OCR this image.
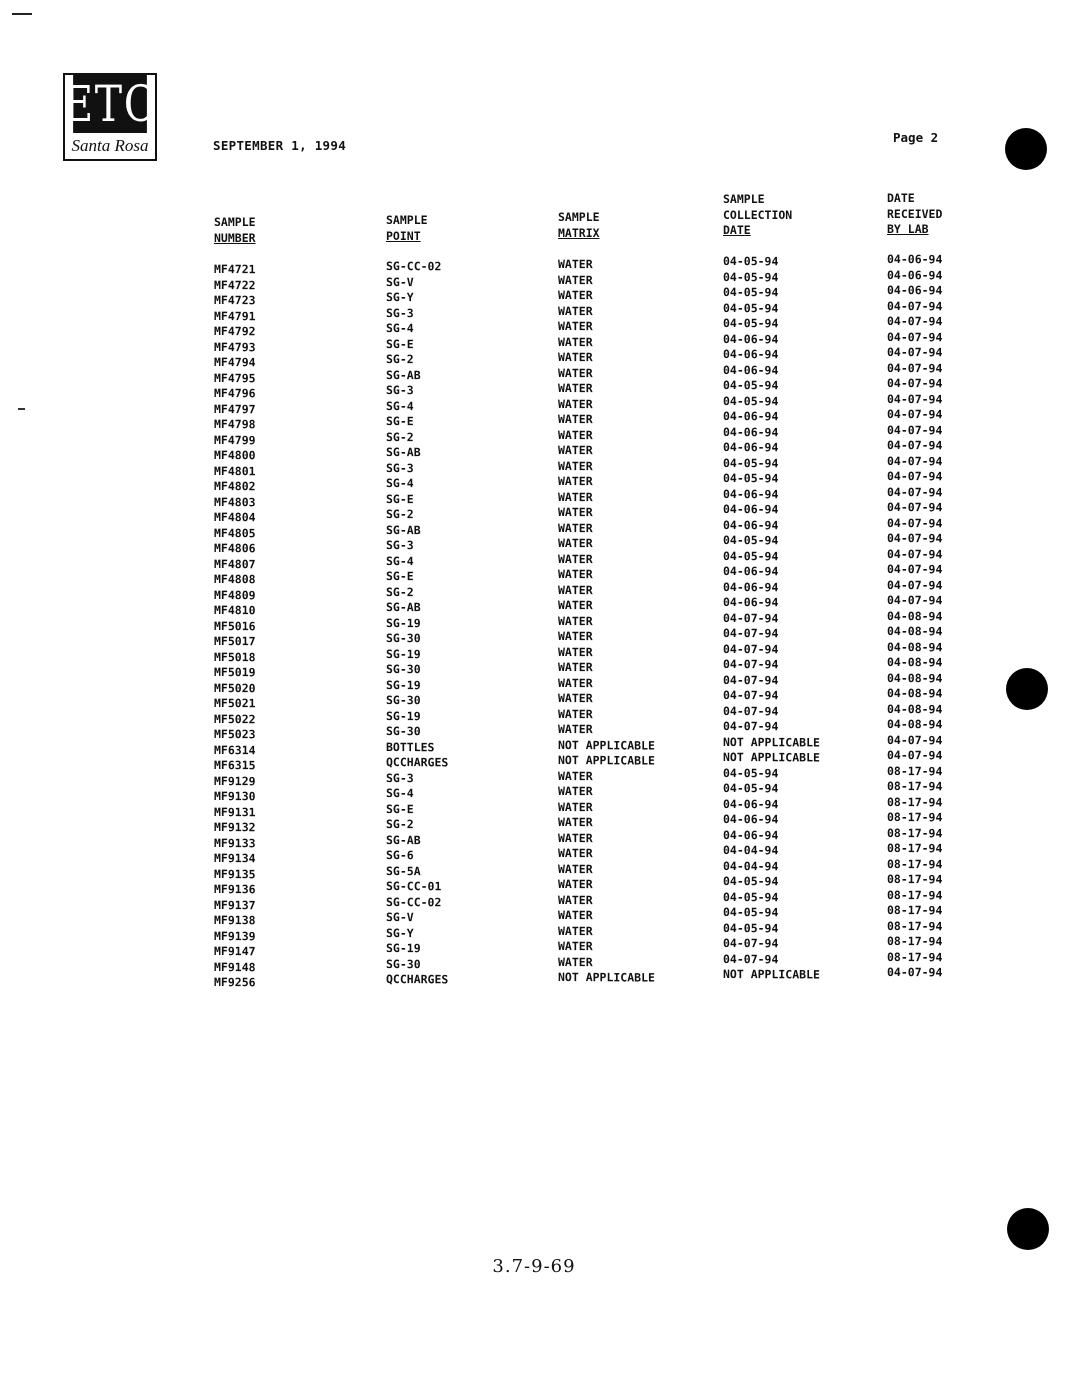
ETC
Santa Rosa	SEPTEMBER 1, 1994
Page 2
SAMPLE
NUMBER
SAMPLE
POINT
SAMPLE
MATRIX
SAMPLE
COLLECTION
DATE
DATE
RECEIVED
BY LAB
MF4721
MF4722
MF4723
MF4791
MF4792
MF4793
MF4794
MF4795
MF4796
MF4797
MF4798
MF4799
MF4800
MF4801
MF4802
MF4803
MF4804
MF4805
MF4806
MF4807
MF4808
MF4809
MF4810
MF5016
MF5017
MF5018
MF5019
MF5020
MF5021
MF5022
MF5023
MF6314
MF6315
MF9129
MF9130
MF9131
MF9132
MF9133
MF9134
MF9135
MF9136
MF9137
MF9138
MF9139
MF9147
MF9148
MF9256
SG-CC-02
SG-V
SG-Y
SG-3
SG-4
SG-E
SG-2
SG-AB
SG-3
SG-4
SG-E
SG-2
SG-AB
SG-3
SG-4
SG-E
SG-2
SG-AB
SG-3
SG-4
SG-E
SG-2
SG-AB
SG-19
SG-30
SG-19
SG-30
SG-19
SG-30
SG-19
SG-30
BOTTLES
QCCHARGES
SG-3
SG-4
SG-E
SG-2
SG-AB
SG-6
SG-5A
SG-CC-01
SG-CC-02
SG-V
SG-Y
SG-19
SG-30
QCCHARGES
WATER
WATER
WATER
WATER
WATER
WATER
WATER
WATER
WATER
WATER
WATER
WATER
WATER
WATER
WATER
WATER
WATER
WATER
WATER
WATER
WATER
WATER
WATER
WATER
WATER
WATER
WATER
WATER
WATER
WATER
WATER
NOT APPLICABLE
NOT APPLICABLE
WATER
WATER
WATER
WATER
WATER
WATER
WATER
WATER
WATER
WATER
WATER
WATER
WATER
NOT APPLICABLE
04-05-94
04-05-94
04-05-94
04-05-94
04-05-94
04-06-94
04-06-94
04-06-94
04-05-94
04-05-94
04-06-94
04-06-94
04-06-94
04-05-94
04-05-94
04-06-94
04-06-94
04-06-94
04-05-94
04-05-94
04-06-94
04-06-94
04-06-94
04-07-94
04-07-94
04-07-94
04-07-94
04-07-94
04-07-94
04-07-94
04-07-94
NOT APPLICABLE
NOT APPLICABLE
04-05-94
04-05-94
04-06-94
04-06-94
04-06-94
04-04-94
04-04-94
04-05-94
04-05-94
04-05-94
04-05-94
04-07-94
04-07-94
NOT APPLICABLE
04-06-94
04-06-94
04-06-94
04-07-94
04-07-94
04-07-94
04-07-94
04-07-94
04-07-94
04-07-94
04-07-94
04-07-94
04-07-94
04-07-94
04-07-94
04-07-94
04-07-94
04-07-94
04-07-94
04-07-94
04-07-94
04-07-94
04-07-94
04-08-94
04-08-94
04-08-94
04-08-94
04-08-94
04-08-94
04-08-94
04-08-94
04-07-94
04-07-94
08-17-94
08-17-94
08-17-94
08-17-94
08-17-94
08-17-94
08-17-94
08-17-94
08-17-94
08-17-94
08-17-94
08-17-94
08-17-94
04-07-94
3.7-9-69
